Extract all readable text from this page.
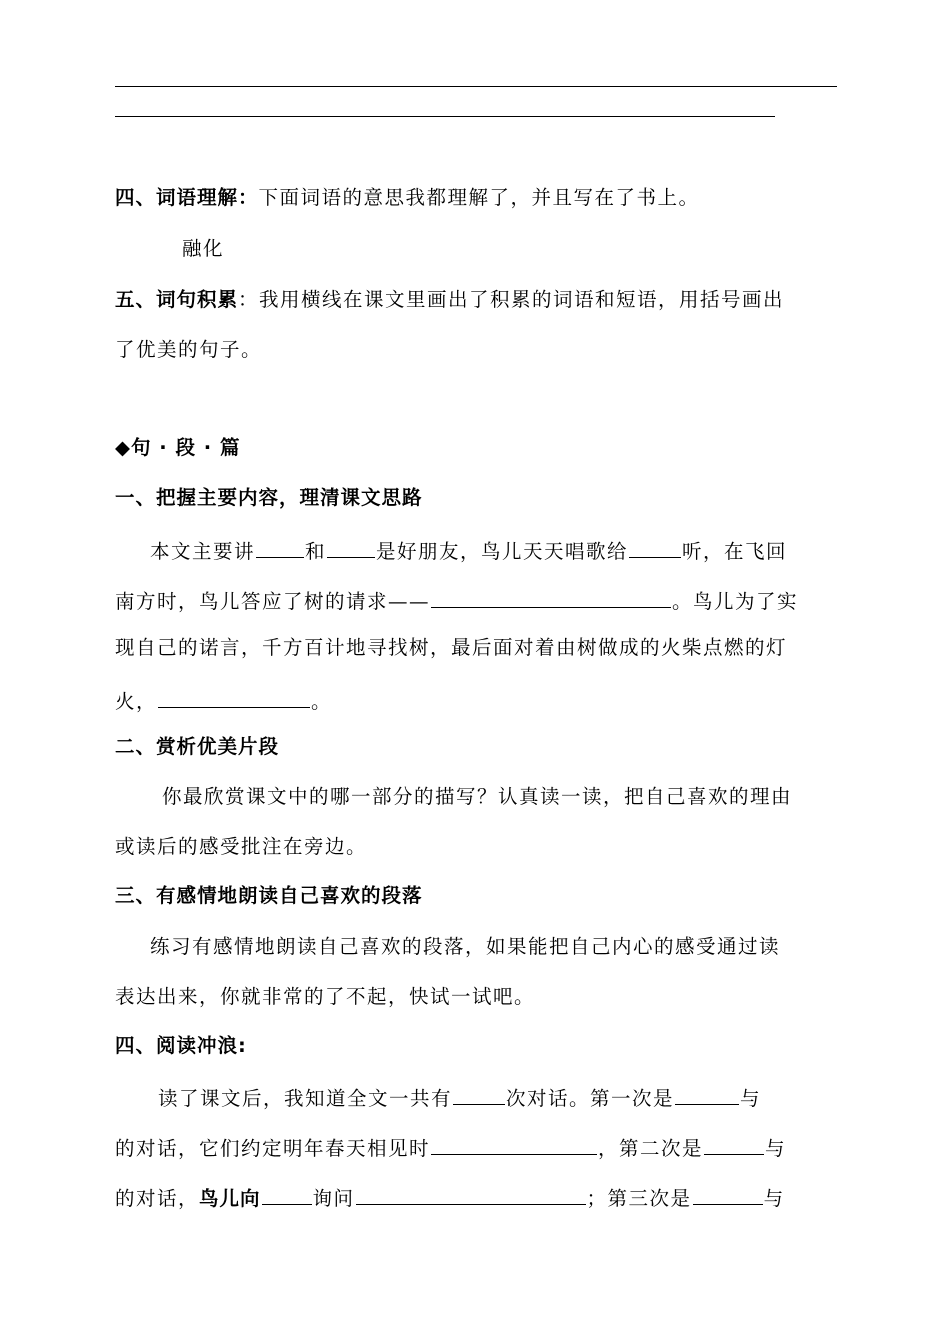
四、词语理解：下面词语的意思我都理解了，并且写在了书上。
融化
五、词句积累：我用横线在课文里画出了积累的词语和短语，用括号画出
了优美的句子。
◆句 · 段 · 篇
一、把握主要内容，理清课文思路
本文主要讲	和	是好朋友，鸟儿天天唱歌给	听，在飞回
南方时，鸟儿答应了树的请求——	。鸟儿为了实
现自己的诺言，千方百计地寻找树，最后面对着由树做成的火柴点燃的灯
火，	。
二、赏析优美片段
你最欣赏课文中的哪一部分的描写？认真读一读，把自己喜欢的理由
或读后的感受批注在旁边。
三、有感情地朗读自己喜欢的段落
练习有感情地朗读自己喜欢的段落，如果能把自己内心的感受通过读
表达出来，你就非常的了不起，快试一试吧。
四、阅读冲浪:
读了课文后，我知道全文一共有	次对话。第一次是	与
的对话，它们约定明年春天相见时	，第二次是	与
的对话，鸟儿向	询问	；第三次是	与
